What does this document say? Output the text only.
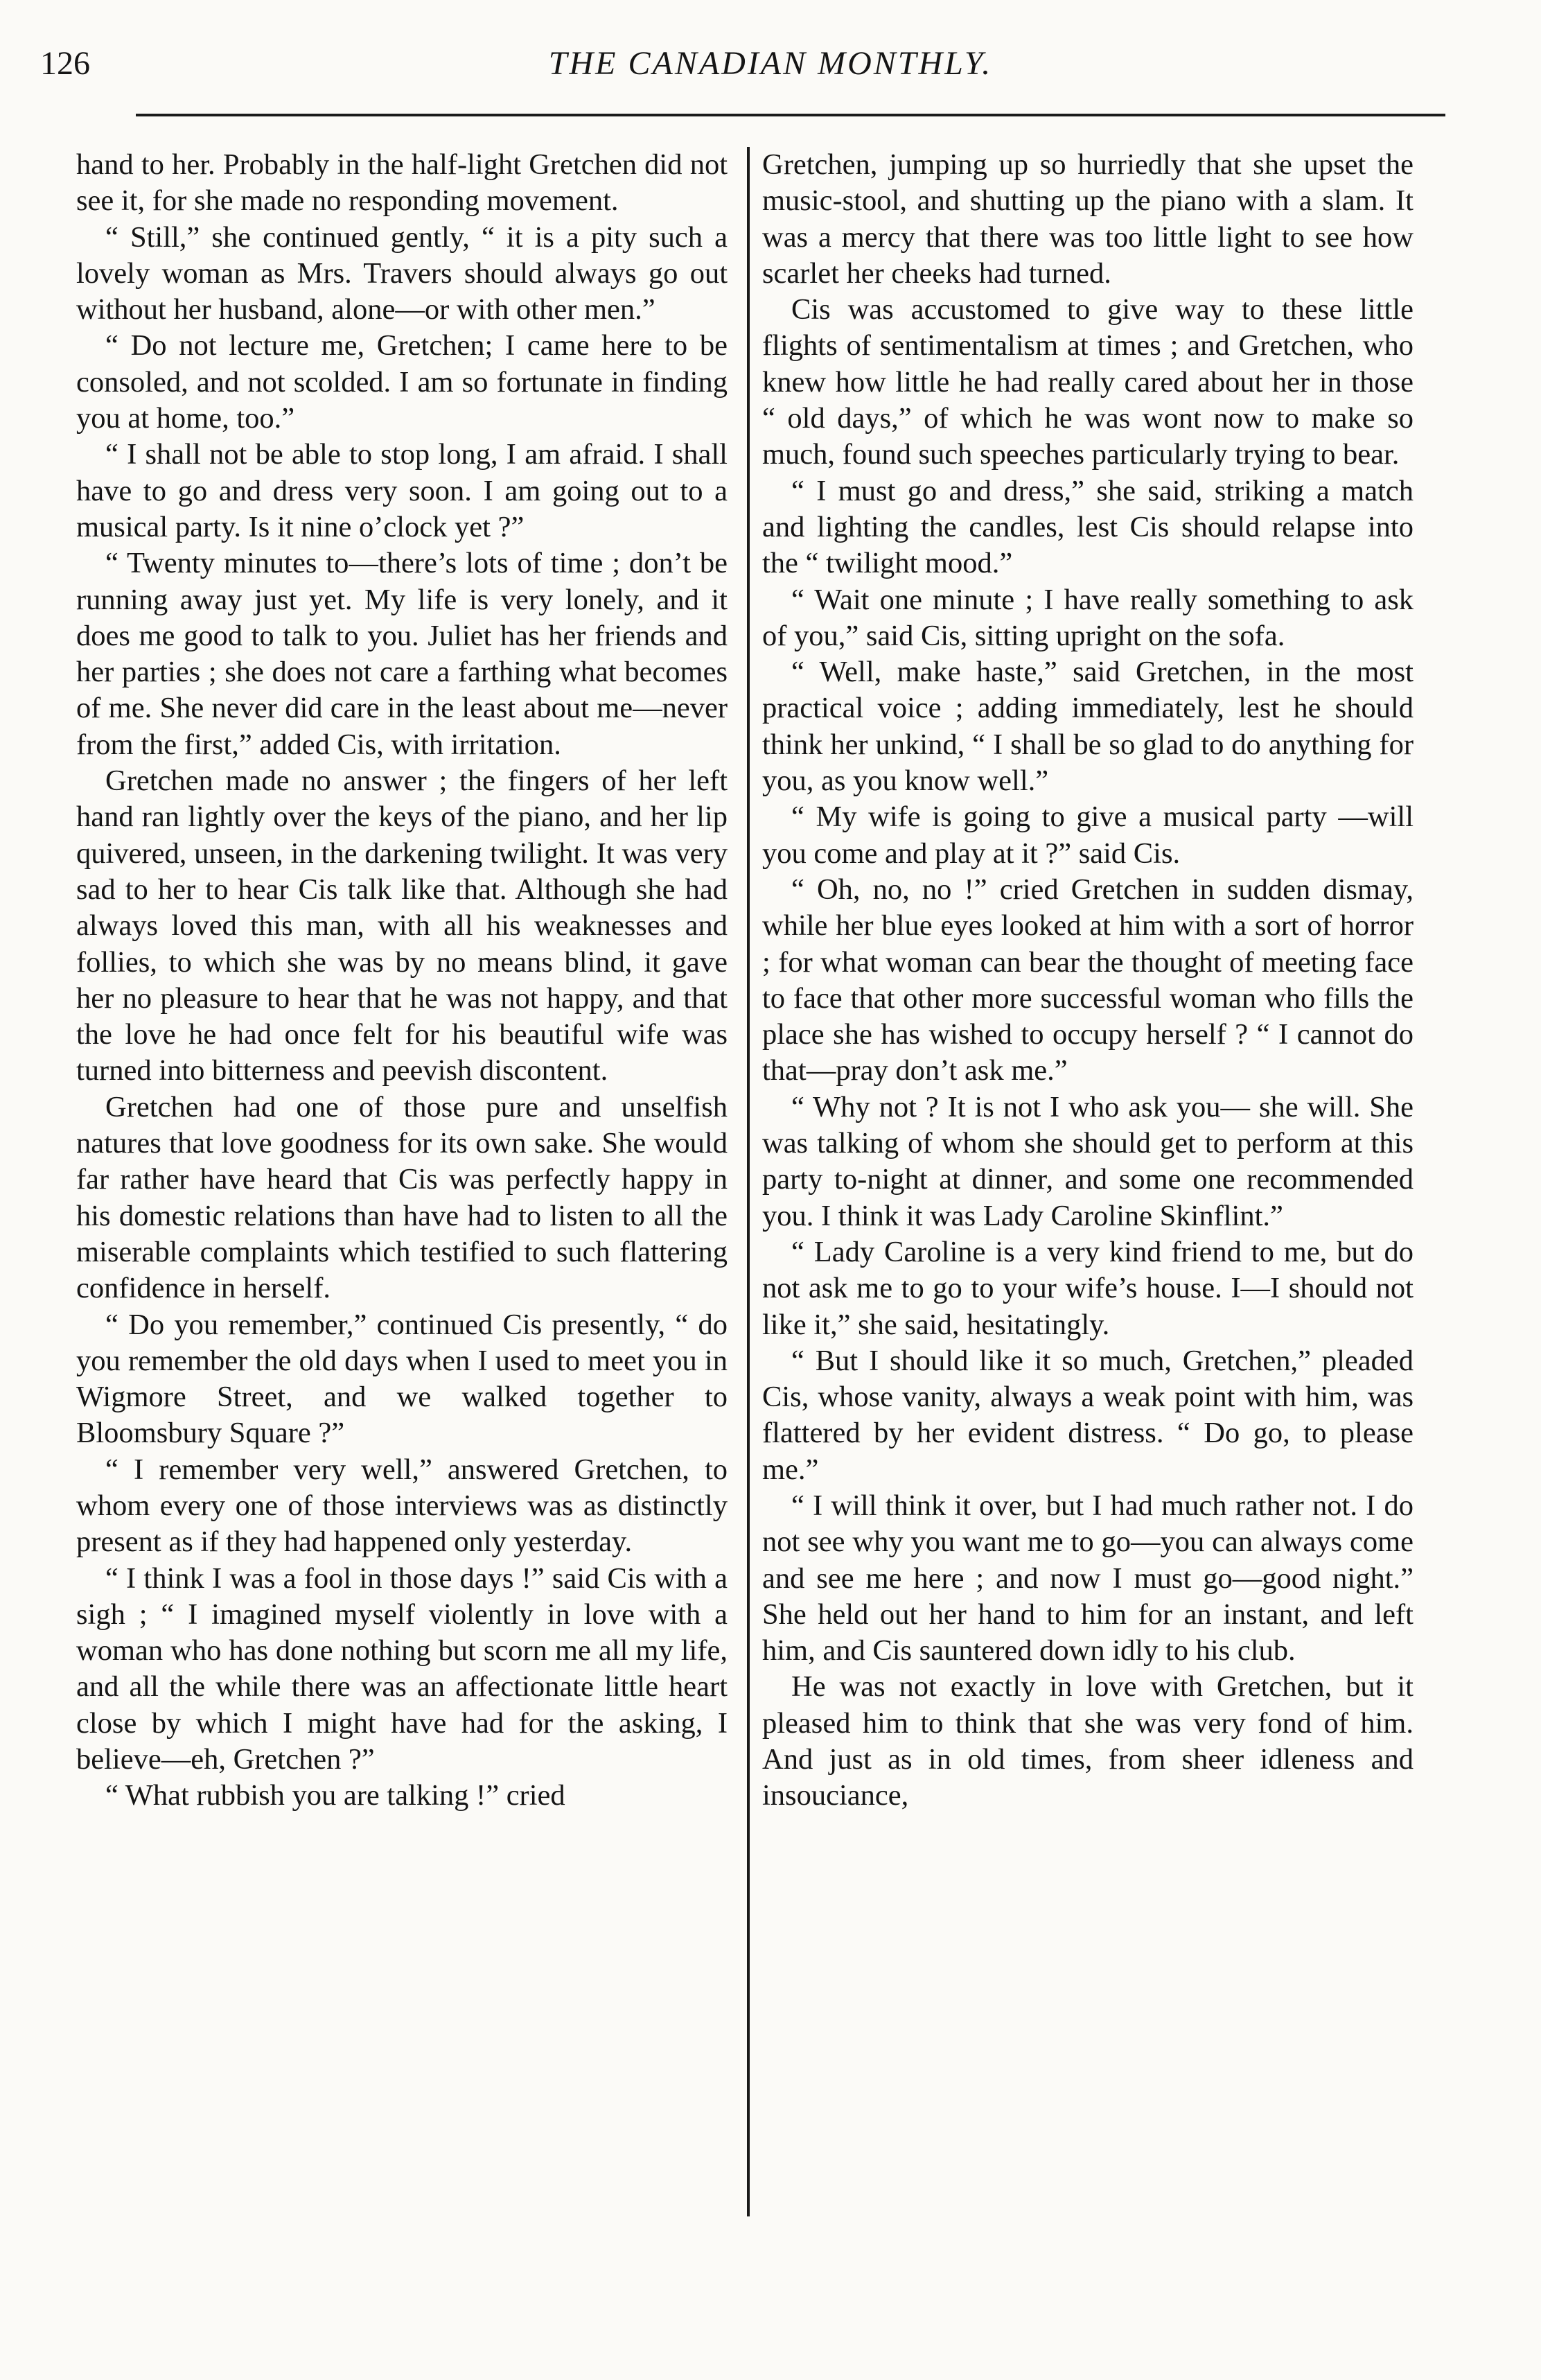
126	THE CANADIAN MONTHLY.

hand to her. Probably in the half-light Gretchen did not see it, for she made no responding movement.

“ Still,” she continued gently, “ it is a pity such a lovely woman as Mrs. Travers should always go out without her husband, alone—or with other men.”

“ Do not lecture me, Gretchen; I came here to be consoled, and not scolded. I am so fortunate in finding you at home, too.”

“ I shall not be able to stop long, I am afraid. I shall have to go and dress very soon. I am going out to a musical party. Is it nine o’clock yet ?”

“ Twenty minutes to—there’s lots of time ; don’t be running away just yet. My life is very lonely, and it does me good to talk to you. Juliet has her friends and her parties ; she does not care a farthing what becomes of me. She never did care in the least about me—never from the first,” added Cis, with irritation.

Gretchen made no answer ; the fingers of her left hand ran lightly over the keys of the piano, and her lip quivered, unseen, in the darkening twilight. It was very sad to her to hear Cis talk like that. Although she had always loved this man, with all his weaknesses and follies, to which she was by no means blind, it gave her no pleasure to hear that he was not happy, and that the love he had once felt for his beautiful wife was turned into bitterness and peevish discontent.

Gretchen had one of those pure and unselfish natures that love goodness for its own sake. She would far rather have heard that Cis was perfectly happy in his domestic relations than have had to listen to all the miserable complaints which testified to such flattering confidence in herself.

“ Do you remember,” continued Cis presently, “ do you remember the old days when I used to meet you in Wigmore Street, and we walked together to Bloomsbury Square ?”

“ I remember very well,” answered Gretchen, to whom every one of those interviews was as distinctly present as if they had happened only yesterday.

“ I think I was a fool in those days !” said Cis with a sigh ; “ I imagined myself violently in love with a woman who has done nothing but scorn me all my life, and all the while there was an affectionate little heart close by which I might have had for the asking, I believe—eh, Gretchen ?”

“ What rubbish you are talking !” cried

Gretchen, jumping up so hurriedly that she upset the music-stool, and shutting up the piano with a slam. It was a mercy that there was too little light to see how scarlet her cheeks had turned.

Cis was accustomed to give way to these little flights of sentimentalism at times ; and Gretchen, who knew how little he had really cared about her in those “ old days,” of which he was wont now to make so much, found such speeches particularly trying to bear.

“ I must go and dress,” she said, striking a match and lighting the candles, lest Cis should relapse into the “ twilight mood.”

“ Wait one minute ; I have really something to ask of you,” said Cis, sitting upright on the sofa.

“ Well, make haste,” said Gretchen, in the most practical voice ; adding immediately, lest he should think her unkind, “ I shall be so glad to do anything for you, as you know well.”

“ My wife is going to give a musical party —will you come and play at it ?” said Cis.

“ Oh, no, no !” cried Gretchen in sudden dismay, while her blue eyes looked at him with a sort of horror ; for what woman can bear the thought of meeting face to face that other more successful woman who fills the place she has wished to occupy herself ? “ I cannot do that—pray don’t ask me.”

“ Why not ? It is not I who ask you— she will. She was talking of whom she should get to perform at this party to-night at dinner, and some one recommended you. I think it was Lady Caroline Skinflint.”

“ Lady Caroline is a very kind friend to me, but do not ask me to go to your wife’s house. I—I should not like it,” she said, hesitatingly.

“ But I should like it so much, Gretchen,” pleaded Cis, whose vanity, always a weak point with him, was flattered by her evident distress. “ Do go, to please me.”

“ I will think it over, but I had much rather not. I do not see why you want me to go—you can always come and see me here ; and now I must go—good night.” She held out her hand to him for an instant, and left him, and Cis sauntered down idly to his club.

He was not exactly in love with Gretchen, but it pleased him to think that she was very fond of him. And just as in old times, from sheer idleness and insouciance,
